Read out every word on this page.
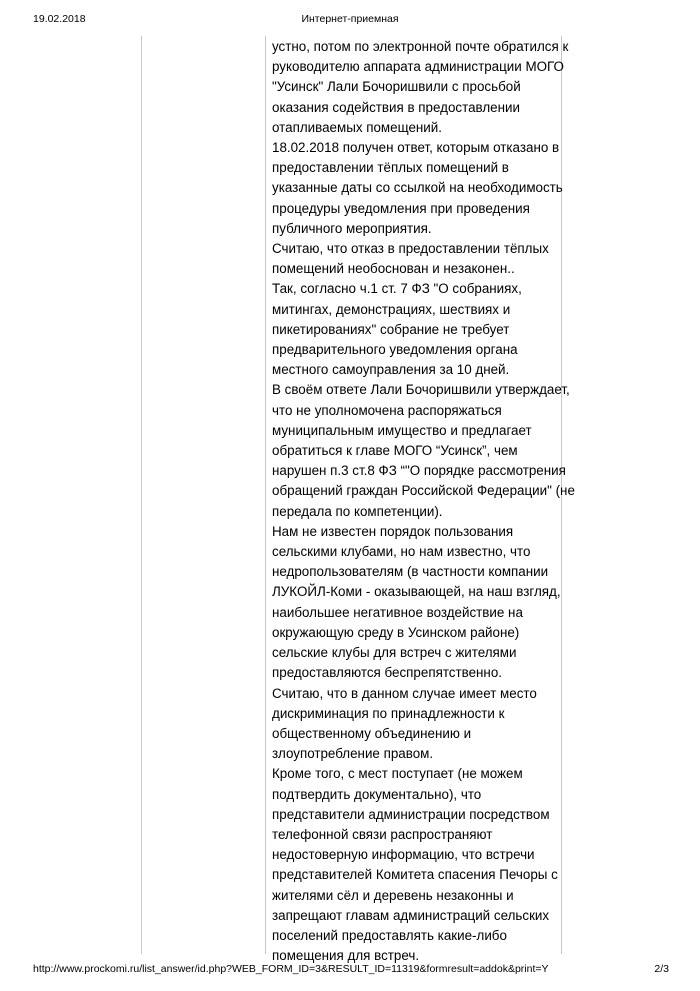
19.02.2018	Интернет-приемная
устно, потом по электронной почте обратился к
руководителю аппарата администрации МОГО
"Усинск" Лали Бочоришвили с просьбой
оказания содействия в предоставлении
отапливаемых помещений.
18.02.2018 получен ответ, которым отказано в
предоставлении тёплых помещений в
указанные даты со ссылкой на необходимость
процедуры уведомления при проведения
публичного мероприятия.
Считаю, что отказ в предоставлении тёплых
помещений необоснован и незаконен..
Так, согласно ч.1 ст. 7 ФЗ "О собраниях,
митингах, демонстрациях, шествиях и
пикетированиях" собрание не требует
предварительного уведомления органа
местного самоуправления за 10 дней.
В своём ответе Лали Бочоришвили утверждает,
что не уполномочена распоряжаться
муниципальным имущество и предлагает
обратиться к главе МОГО “Усинск”, чем
нарушен п.3 ст.8 ФЗ “"О порядке рассмотрения
обращений граждан Российской Федерации" (не
передала по компетенции).
Нам не известен порядок пользования
сельскими клубами, но нам известно, что
недропользователям (в частности компании
ЛУКОЙЛ-Коми - оказывающей, на наш взгляд,
наибольшее негативное воздействие на
окружающую среду в Усинском районе)
сельские клубы для встреч с жителями
предоставляются беспрепятственно.
Считаю, что в данном случае имеет место
дискриминация по принадлежности к
общественному объединению и
злоупотребление правом.
Кроме того, с мест поступает (не можем
подтвердить документально), что
представители администрации посредством
телефонной связи распространяют
недостоверную информацию, что встречи
представителей Комитета спасения Печоры с
жителями сёл и деревень незаконны и
запрещают главам администраций сельских
поселений предоставлять какие-либо
помещения для встреч.
http://www.prockomi.ru/list_answer/id.php?WEB_FORM_ID=3&RESULT_ID=11319&formresult=addok&print=Y	2/3
